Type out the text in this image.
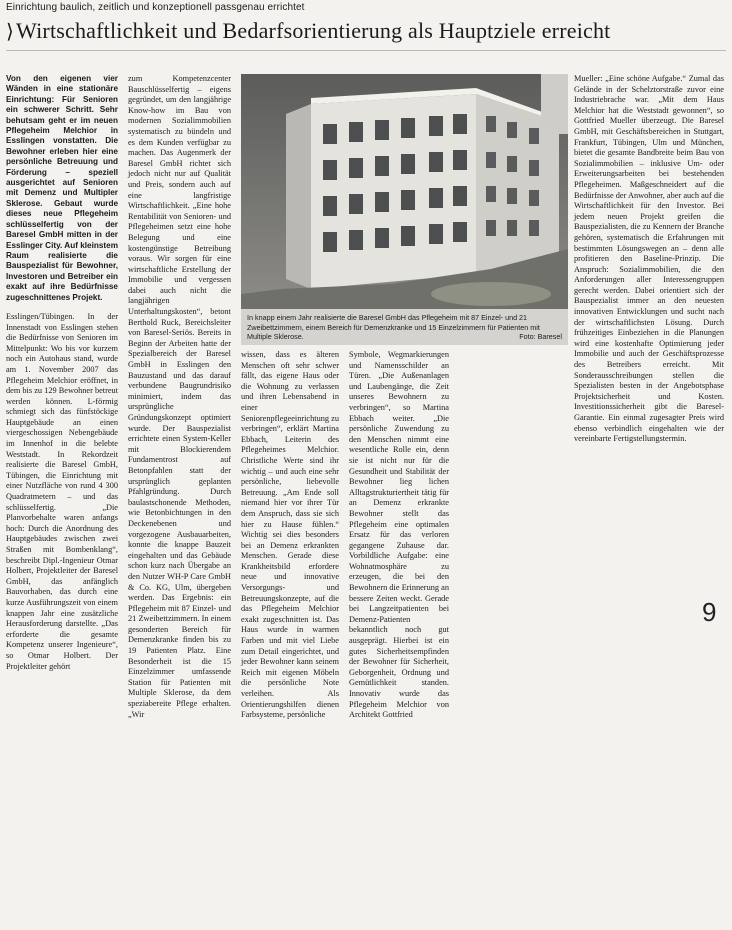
Einrichtung baulich, zeitlich und konzeptionell passgenau errichtet
⟩Wirtschaftlichkeit und Bedarfsorientierung als Hauptziele erreicht

Von den eigenen vier Wänden in eine stationäre Einrichtung: Für Senioren ein schwerer Schritt. Sehr behutsam geht er im neuen Pflegeheim Melchior in Esslingen vonstatten. Die Bewohner erleben hier eine persönliche Betreuung und Förderung – speziell ausgerichtet auf Senioren mit Demenz und Multipler Sklerose. Gebaut wurde dieses neue Pflegeheim schlüsselfertig von der Baresel GmbH mitten in der Esslinger City. Auf kleinstem Raum realisierte die Bauspezialist für Bewohner, Investoren und Betreiber ein exakt auf ihre Bedürfnisse zugeschnittenes Projekt.

Esslingen/Tübingen. In der Innenstadt von Esslingen stehen die Bedürfnisse von Senioren im Mittelpunkt: Wo bis vor kurzem noch ein Autohaus stand, wurde am 1. November 2007 das Pflegeheim Melchior eröffnet, in dem bis zu 129 Bewohner betreut werden können. L-förmig schmiegt sich das fünfstöckige Hauptgebäude an einen viergeschossigen Nebengebäude im Innenhof in die belebte Weststadt. In Rekordzeit realisierte die Baresel GmbH, Tübingen, die Einrichtung mit einer Nutzfläche von rund 4 300 Quadratmetern – und das schlüsselfertig. „Die Planvorbehalte waren anfangs hoch: Durch die Anordnung des Hauptgebäudes zwischen zwei Straßen mit Bombenklang“, beschreibt Dipl.-Ingenieur Otmar Holbert, Projektleiter der Baresel GmbH, das anfänglich Bauvorhaben, das durch eine kurze Ausführungszeit von einem knappen Jahr eine zusätzliche Herausforderung darstellte. „Das erforderte die gesamte Kompetenz unserer Ingenieure“, so Otmar Holbert. Der Projektleiter gehört

zum Kompetenzcenter Bauschlüsselfertig – eigens gegründet, um den langjährige Know-how im Bau von modernen Sozialimmobilien systematisch zu bündeln und es dem Kunden verfügbar zu machen. Das Augenmerk der Baresel GmbH richtet sich jedoch nicht nur auf Qualität und Preis, sondern auch auf eine langfristige Wirtschaftlichkeit. „Eine hohe Rentabilität von Senioren- und Pflegeheimen setzt eine hohe Belegung und eine kostengünstige Betreibung voraus. Wir sorgen für eine wirtschaftliche Erstellung der Immobilie und vergessen dabei auch nicht die langjährigen Unterhaltungskosten“, betont Berthold Ruck, Bereichsleiter von Baresel-Seriös. Bereits in Beginn der Arbeiten hatte der Spezialbereich der Baresel GmbH in Esslingen den Bauzustand und das darauf verbundene Baugrundrisiko minimiert, indem das ursprüngliche Gründungskonzept optimiert wurde. Der Bauspezialist errichtete einen System-Keller mit Blockierendem Fundamentrost auf Betonpfahlen statt der ursprünglich geplanten Pfahlgründung. Durch baulastschonende Methoden, wie Betonbichtungen in den Deckenebenen und vorgezogene Ausbauarbeiten, konnte die knappe Bauzeit eingehalten und das Gebäude schon kurz nach Übergabe an den Nutzer WH-P Care GmbH & Co. KG, Ulm, übergeben werden. Das Ergebnis: ein Pflegeheim mit 87 Einzel- und 21 Zweibettzimmern. In einem gesonderten Bereich für Demenzkranke finden bis zu 19 Patienten Platz. Eine Besonderheit ist die 15 Einzelzimmer umfassende Station für Patienten mit Multiple Sklerose, da dem speziabereite Pflege erhalten. „Wir

In knapp einem Jahr realisierte die Baresel GmbH das Pflegeheim mit 87 Einzel- und 21 Zweibettzimmern, einem Bereich für Demenzkranke und 15 Einzelzimmern für Patienten mit Multiple Sklerose.	Foto: Baresel

wissen, dass es älteren Menschen oft sehr schwer fällt, das eigene Haus oder die Wohnung zu verlassen und ihren Lebensabend in einer Seniorenpflegeeinrichtung zu verbringen“, erklärt Martina Ebbach, Leiterin des Pflegeheimes Melchior. Christliche Werte sind ihr wichtig – und auch eine sehr persönliche, liebevolle Betreuung. „Am Ende soll niemand hier vor ihrer Tür dem Anspruch, dass sie sich hier zu Hause fühlen.“ Wichtig sei dies besonders bei an Demenz erkrankten Menschen. Gerade diese Krankheitsbild erfordere neue und innovative Versorgungs- und Betreuungskonzepte, auf die das Pflegeheim Melchior exakt zugeschnitten ist. Das Haus wurde in warmen Farben und mit viel Liebe zum Detail eingerichtet, und jeder Bewohner kann seinem Reich mit eigenen Möbeln die persönliche Note verleihen. Als Orientierungshilfen dienen Farbsysteme, persönliche

Symbole, Wegmarkierungen und Namensschilder an Türen. „Die Außenanlagen und Laubengänge, die Zeit unseres Bewohnern zu verbringen“, so Martina Ebbach weiter. „Die persönliche Zuwendung zu den Menschen nimmt eine wesentliche Rolle ein, denn sie ist nicht nur für die Gesundheit und Stabilität der Bewohner lieg lichen Alltagstrukturiertheit tätig für an Demenz erkrankte Bewohner stellt das Pflegeheim eine optimalen Ersatz für das verloren gegangene Zuhause dar. Vorbildliche Aufgabe: eine Wohnatmosphäre zu erzeugen, die bei den Bewohnern die Erinnerung an bessere Zeiten weckt. Gerade bei Langzeitpatienten bei Demenz-Patienten bekanntlich noch gut ausgeprägt. Hierbei ist ein gutes Sicherheitsempfinden der Bewohner für Sicherheit, Geborgenheit, Ordnung und Gemütlichkeit standen. Innovativ wurde das Pflegeheim Melchior von Architekt Gottfried

Mueller: „Eine schöne Aufgabe.“ Zumal das Gelände in der Schelztorstraße zuvor eine Industriebrache war. „Mit dem Haus Melchior hat die Weststadt gewonnen“, so Gottfried Mueller überzeugt. Die Baresel GmbH, mit Geschäftsbereichen in Stuttgart, Frankfurt, Tübingen, Ulm und München, bietet die gesamte Bandbreite beim Bau von Sozialimmobilien – inklusive Um- oder Erweiterungsarbeiten bei bestehenden Pflegeheimen. Maßgeschneidert auf die Bedürfnisse der Anwohner, aber auch auf die Wirtschaftlichkeit für den Investor. Bei jedem neuen Projekt greifen die Bauspezialisten, die zu Kennern der Branche gehören, systematisch die Erfahrungen mit bestimmten Lösungswegen an – denn alle profitieren den Baseline-Prinzip. Die Anspruch: Sozialimmobilien, die den Anforderungen aller Interessengruppen gerecht werden. Dabei orientiert sich der Bauspezialist immer an den neuesten innovativen Entwicklungen und sucht nach der wirtschaftlichsten Lösung. Durch frühzeitiges Einbeziehen in die Planungen wird eine kostenhafte Optimierung jeder Immobilie und auch der Geschäftsprozesse des Betreibers erreicht. Mit Sonderausschreibungen stellen die Spezialisten besten in der Angebotsphase Projektsicherheit und Kosten. Investitionssicherheit gibt die Baresel-Garantie. Ein einmal zugesagter Preis wird ebenso verbindlich eingehalten wie der vereinbarte Fertigstellungstermin.

9
